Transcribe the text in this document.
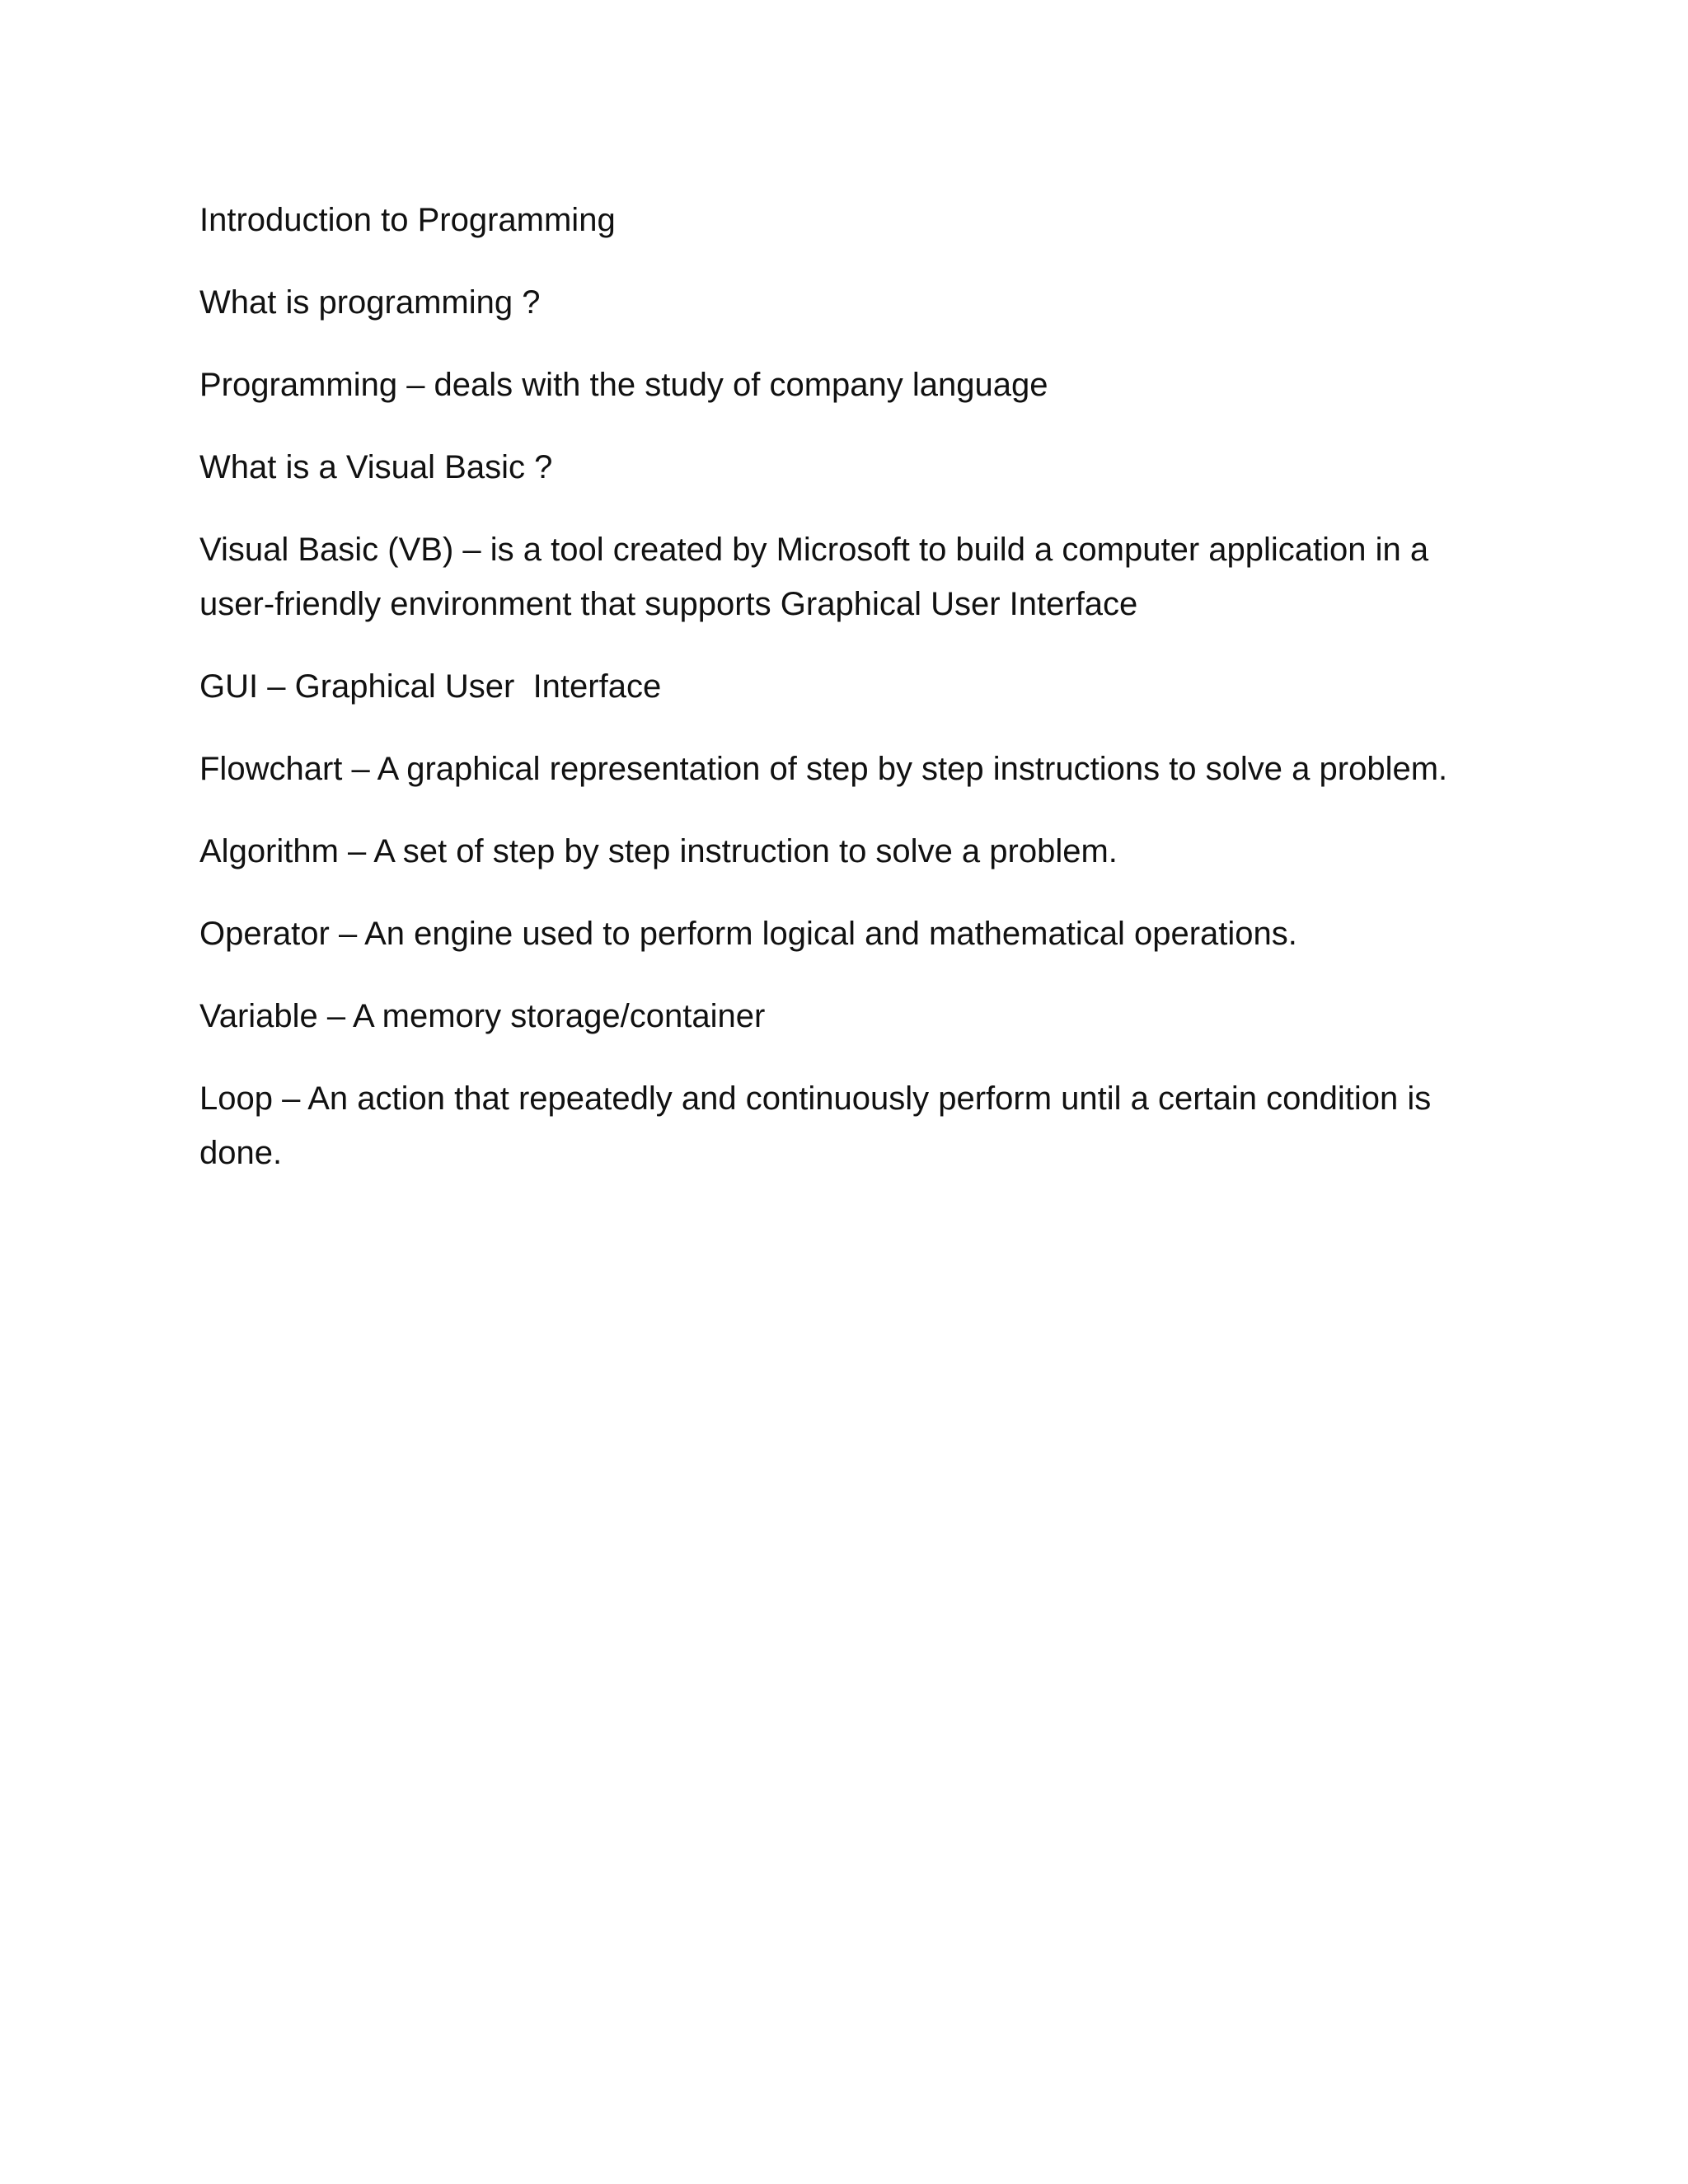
Introduction to Programming

What is programming ?

Programming – deals with the study of company language

What is a Visual Basic ?

Visual Basic (VB) – is a tool created by Microsoft to build a computer application in a user-friendly environment that supports Graphical User Interface

GUI – Graphical User  Interface

Flowchart – A graphical representation of step by step instructions to solve a problem.

Algorithm – A set of step by step instruction to solve a problem.

Operator – An engine used to perform logical and mathematical operations.

Variable – A memory storage/container

Loop – An action that repeatedly and continuously perform until a certain condition is done.
